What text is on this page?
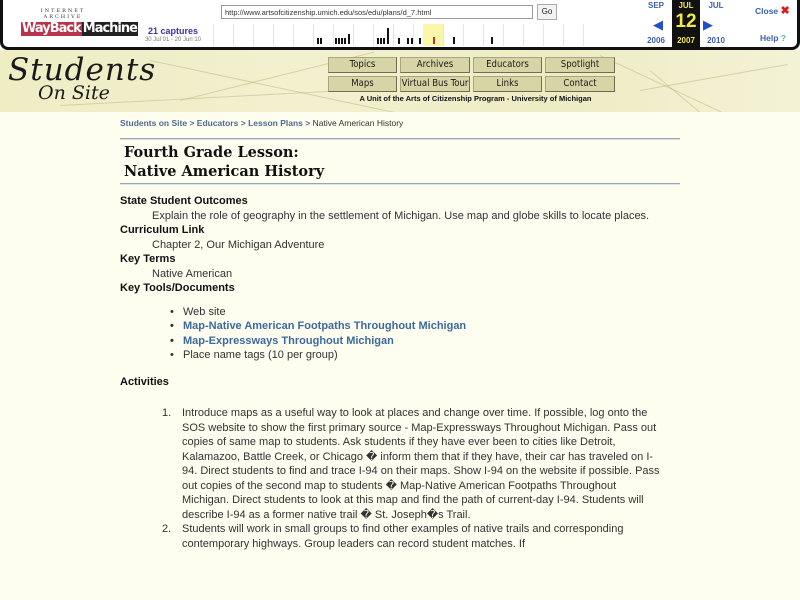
INTERNET ARCHIVE
WayBack Machine	21 captures
30 Jul 01 - 20 Jun 10
http://www.artsofcitizenship.umich.edu/sos/edu/plans/d_7.html	Go
SEP
◀
2006
JUL
12
2007
JUL
▶
2010
Close ✖
Help ?
Students
On Site
Topics	Archives	Educators	Spotlight
Maps	Virtual Bus Tour	Links	Contact
A Unit of the Arts of Citizenship Program - University of Michigan
Students on Site > Educators > Lesson Plans > Native American History
Fourth Grade Lesson:
Native American History
State Student Outcomes
Explain the role of geography in the settlement of Michigan. Use map and globe skills to locate places.
Curriculum Link
Chapter 2, Our Michigan Adventure
Key Terms
Native American
Key Tools/Documents
• Web site
• Map-Native American Footpaths Throughout Michigan
• Map-Expressways Throughout Michigan
• Place name tags (10 per group)
Activities
1. Introduce maps as a useful way to look at places and change over time. If possible, log onto the SOS website to show the first primary source - Map-Expressways Throughout Michigan. Pass out copies of same map to students. Ask students if they have ever been to cities like Detroit, Kalamazoo, Battle Creek, or Chicago � inform them that if they have, their car has traveled on I-94. Direct students to find and trace I-94 on their maps. Show I-94 on the website if possible. Pass out copies of the second map to students � Map-Native American Footpaths Throughout Michigan. Direct students to look at this map and find the path of current-day I-94. Students will describe I-94 as a former native trail � St. Joseph�s Trail.
2. Students will work in small groups to find other examples of native trails and corresponding contemporary highways. Group leaders can record student matches. If
